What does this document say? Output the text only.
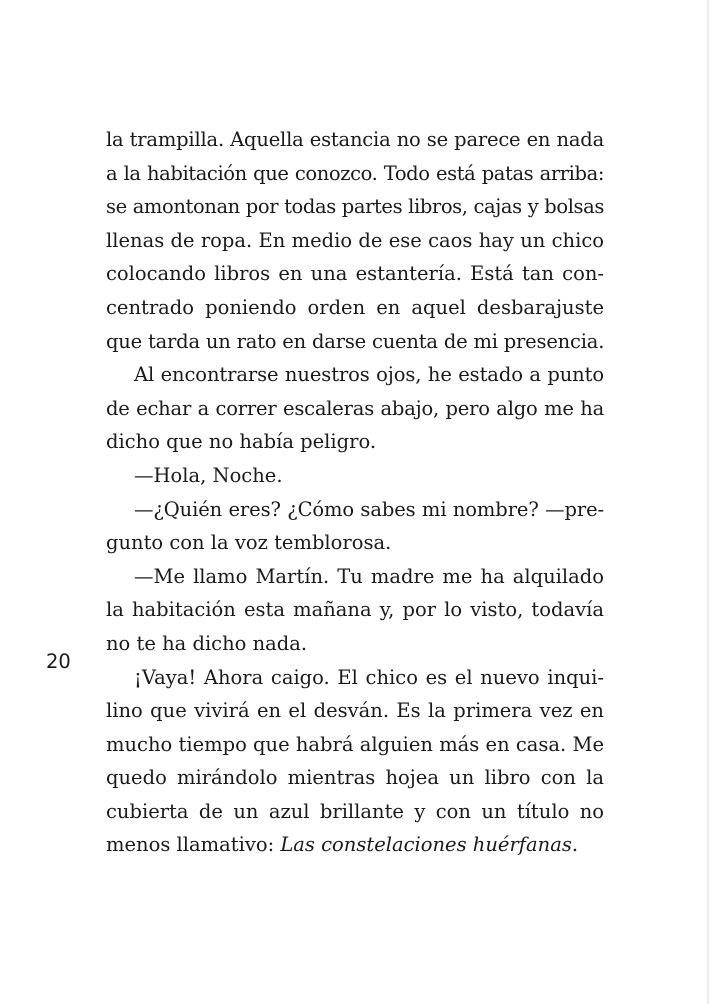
20
la trampilla. Aquella estancia no se parece en nada
a la habitación que conozco. Todo está patas arriba:
se amontonan por todas partes libros, cajas y bolsas
llenas de ropa. En medio de ese caos hay un chico
colocando libros en una estantería. Está tan con-
centrado poniendo orden en aquel desbarajuste
que tarda un rato en darse cuenta de mi presencia.
Al encontrarse nuestros ojos, he estado a punto
de echar a correr escaleras abajo, pero algo me ha
dicho que no había peligro.
—Hola, Noche.
—¿Quién eres? ¿Cómo sabes mi nombre? —pre-
gunto con la voz temblorosa.
—Me llamo Martín. Tu madre me ha alquilado
la habitación esta mañana y, por lo visto, todavía
no te ha dicho nada.
¡Vaya! Ahora caigo. El chico es el nuevo inqui-
lino que vivirá en el desván. Es la primera vez en
mucho tiempo que habrá alguien más en casa. Me
quedo mirándolo mientras hojea un libro con la
cubierta de un azul brillante y con un título no
menos llamativo: Las constelaciones huérfanas.
